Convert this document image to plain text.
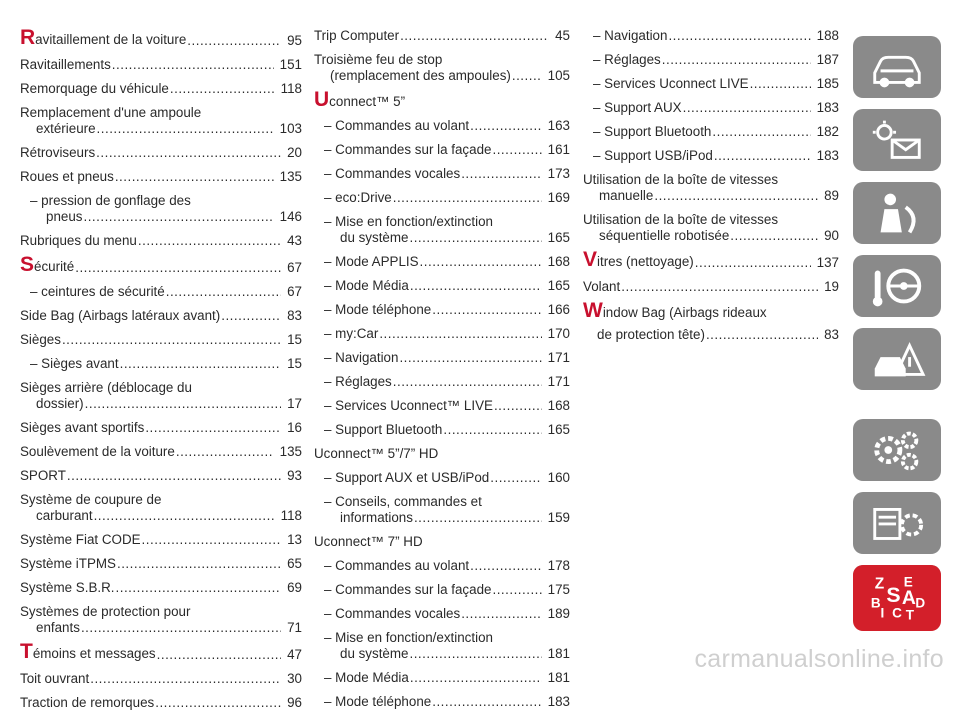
Ravitaillement de la voiture .....	95
Ravitaillements .....	151
Remorquage du véhicule .....	118
Remplacement d'une ampoule
extérieure .....	103
Rétroviseurs .....	20
Roues et pneus .....	135
– pression de gonflage des
pneus .....	146
Rubriques du menu .....	43
Sécurité .....	67
– ceintures de sécurité .....	67
Side Bag (Airbags latéraux avant) .....	83
Sièges .....	15
– Sièges avant .....	15
Sièges arrière (déblocage du
dossier) .....	17
Sièges avant sportifs .....	16
Soulèvement de la voiture .....	135
SPORT .....	93
Système de coupure de
carburant .....	118
Système Fiat CODE .....	13
Système iTPMS .....	65
Système S.B.R. .....	69
Systèmes de protection pour
enfants .....	71
Témoins et messages .....	47
Toit ouvrant .....	30
Traction de remorques .....	96
Trip Computer .....	45
Troisième feu de stop
(remplacement des ampoules) .....	105
Uconnect™ 5”
– Commandes au volant .....	163
– Commandes sur la façade .....	161
– Commandes vocales .....	173
– eco:Drive .....	169
– Mise en fonction/extinction
du système .....	165
– Mode APPLIS .....	168
– Mode Média .....	165
– Mode téléphone .....	166
– my:Car .....	170
– Navigation .....	171
– Réglages .....	171
– Services Uconnect™ LIVE .....	168
– Support Bluetooth .....	165
Uconnect™ 5”/7” HD
– Support AUX et USB/iPod .....	160
– Conseils, commandes et
informations .....	159
Uconnect™ 7” HD
– Commandes au volant .....	178
– Commandes sur la façade .....	175
– Commandes vocales .....	189
– Mise en fonction/extinction
du système .....	181
– Mode Média .....	181
– Mode téléphone .....	183
– Navigation .....	188
– Réglages .....	187
– Services Uconnect LIVE .....	185
– Support AUX .....	183
– Support Bluetooth .....	182
– Support USB/iPod .....	183
Utilisation de la boîte de vitesses
manuelle .....	89
Utilisation de la boîte de vitesses
séquentielle robotisée .....	90
Vitres (nettoyage) .....	137
Volant .....	19
Window Bag (Airbags rideaux
de protection tête) .....	83
Z E
S A
B
I C T
D
carmanualsonline.info
